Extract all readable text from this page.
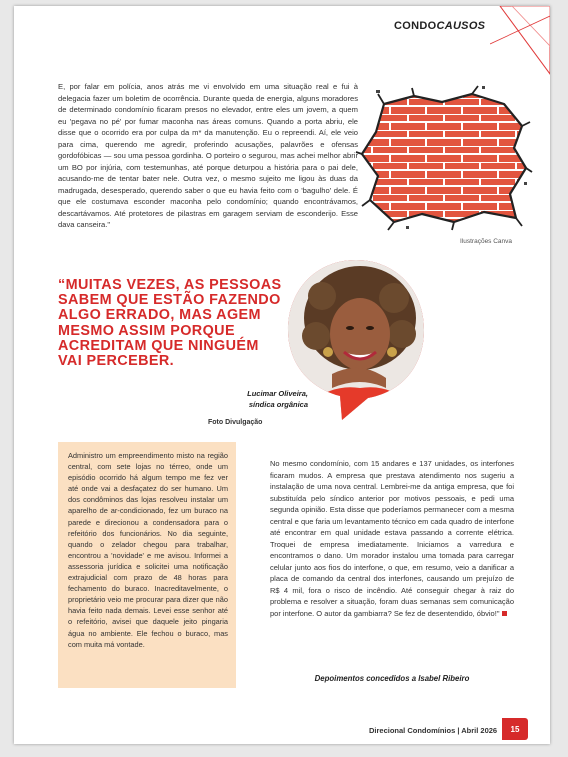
CONDOCAUSOS

E, por falar em polícia, anos atrás me vi envolvido em uma situação real e fui à delegacia fazer um boletim de ocorrência. Durante queda de energia, alguns moradores de determinado condomínio ficaram presos no elevador, entre eles um jovem, a quem eu 'pegava no pé' por fumar maconha nas áreas comuns. Quando a porta abriu, ele disse que o ocorrido era por culpa da m* da manutenção. Eu o repreendi. Aí, ele veio para cima, querendo me agredir, proferindo acusações, palavrões e ofensas gordofóbicas — sou uma pessoa gordinha. O porteiro o segurou, mas achei melhor abrir um BO por injúria, com testemunhas, até porque deturpou a história para o pai dele, acusando-me de tentar bater nele. Outra vez, o mesmo sujeito me ligou às duas da madrugada, desesperado, querendo saber o que eu havia feito com o 'bagulho' dele. É que ele costumava esconder maconha pelo condomínio; quando encontrávamos, descartávamos. Até protetores de pilastras em garagem serviam de esconderijo. Esse dava canseira."

Ilustrações Canva

“MUITAS VEZES, AS PESSOAS SABEM QUE ESTÃO FAZENDO ALGO ERRADO, MAS AGEM MESMO ASSIM PORQUE ACREDITAM QUE NINGUÉM VAI PERCEBER.

Lucimar Oliveira,
síndica orgânica
Foto Divulgação

Administro um empreendimento misto na região central, com sete lojas no térreo, onde um episódio ocorrido há algum tempo me fez ver até onde vai a desfaçatez do ser humano. Um dos condôminos das lojas resolveu instalar um aparelho de ar-condicionado, fez um buraco na parede e direcionou a condensadora para o refeitório dos funcionários. No dia seguinte, quando o zelador chegou para trabalhar, encontrou a 'novidade' e me avisou. Informei a assessoria jurídica e solicitei uma notificação extrajudicial com prazo de 48 horas para fechamento do buraco. Inacreditavelmente, o proprietário veio me procurar para dizer que não havia feito nada demais. Levei esse senhor até o refeitório, avisei que daquele jeito pingaria água no ambiente. Ele fechou o buraco, mas com muita má vontade.

No mesmo condomínio, com 15 andares e 137 unidades, os interfones ficaram mudos. A empresa que prestava atendimento nos sugeriu a instalação de uma nova central. Lembrei-me da antiga empresa, que foi substituída pelo síndico anterior por motivos pessoais, e pedi uma segunda opinião. Esta disse que poderíamos permanecer com a mesma central e que faria um levantamento técnico em cada quadro de interfone até encontrar em qual unidade estava passando a corrente elétrica. Troquei de empresa imediatamente. Iniciamos a varredura e encontramos o dano. Um morador instalou uma tomada para carregar celular junto aos fios do interfone, o que, em resumo, veio a danificar a placa de comando da central dos interfones, causando um prejuízo de R$ 4 mil, fora o risco de incêndio. Até conseguir chegar à raiz do problema e resolver a situação, foram duas semanas sem comunicação por interfone. O autor da gambiarra? Se fez de desentendido, óbvio!"

Depoimentos concedidos a Isabel Ribeiro
Direcional Condomínios | Abril 2026	15
